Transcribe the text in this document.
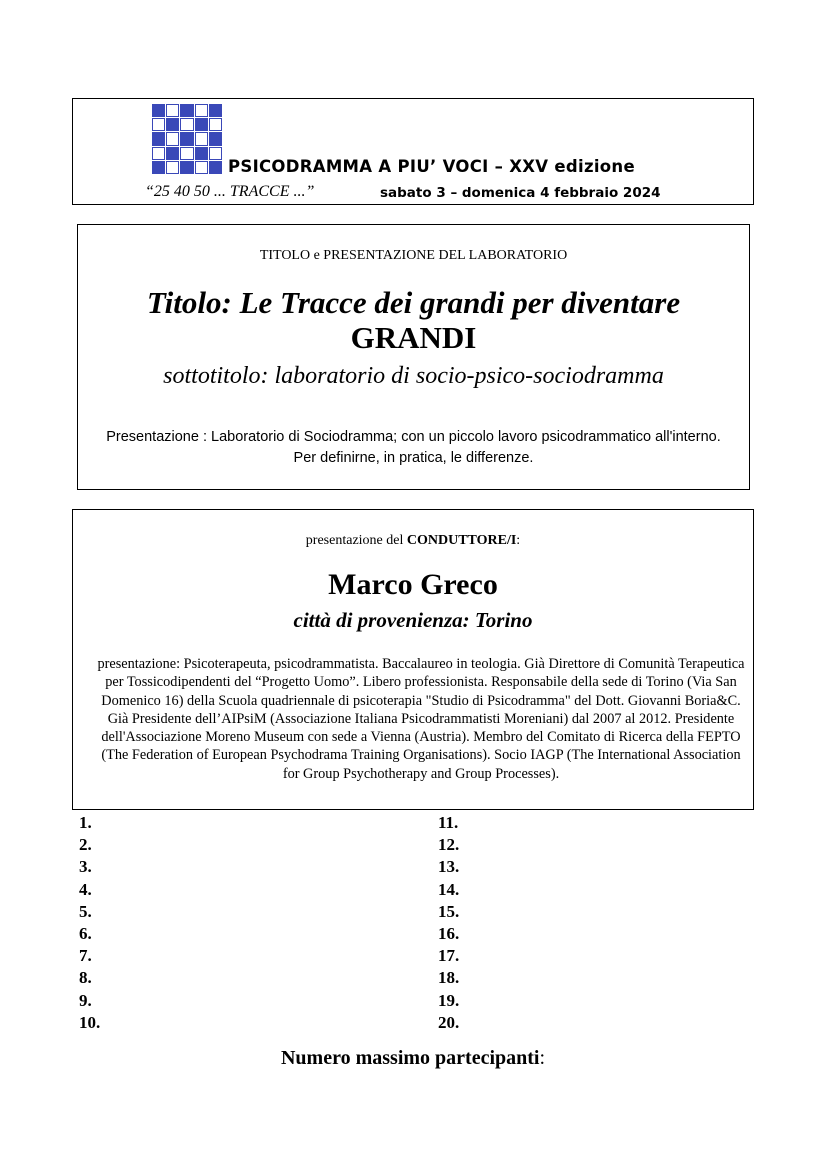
PSICODRAMMA A PIU’ VOCI – XXV edizione
“25 40 50 ... TRACCE ...”	sabato 3 – domenica 4 febbraio 2024
TITOLO e PRESENTAZIONE DEL LABORATORIO
Titolo: Le Tracce dei grandi per diventare
GRANDI
sottotitolo: laboratorio di socio-psico-sociodramma
Presentazione : Laboratorio di Sociodramma; con un piccolo lavoro psicodrammatico all'interno. Per definirne, in pratica, le differenze.
presentazione del CONDUTTORE/I:
Marco Greco
città di provenienza: Torino
presentazione: Psicoterapeuta, psicodrammatista. Baccalaureo in teologia. Già Direttore di Comunità Terapeutica per Tossicodipendenti del “Progetto Uomo”. Libero professionista. Responsabile della sede di Torino (Via San Domenico 16) della Scuola quadriennale di psicoterapia "Studio di Psicodramma" del Dott. Giovanni Boria&C. Già Presidente dell’AIPsiM (Associazione Italiana Psicodrammatisti Moreniani) dal 2007 al 2012. Presidente dell'Associazione Moreno Museum con sede a Vienna (Austria). Membro del Comitato di Ricerca della FEPTO (The Federation of European Psychodrama Training Organisations). Socio IAGP (The International Association for Group Psychotherapy and Group Processes).
1.
2.
3.
4.
5.
6.
7.
8.
9.
10.
11.
12.
13.
14.
15.
16.
17.
18.
19.
20.
Numero massimo partecipanti:
